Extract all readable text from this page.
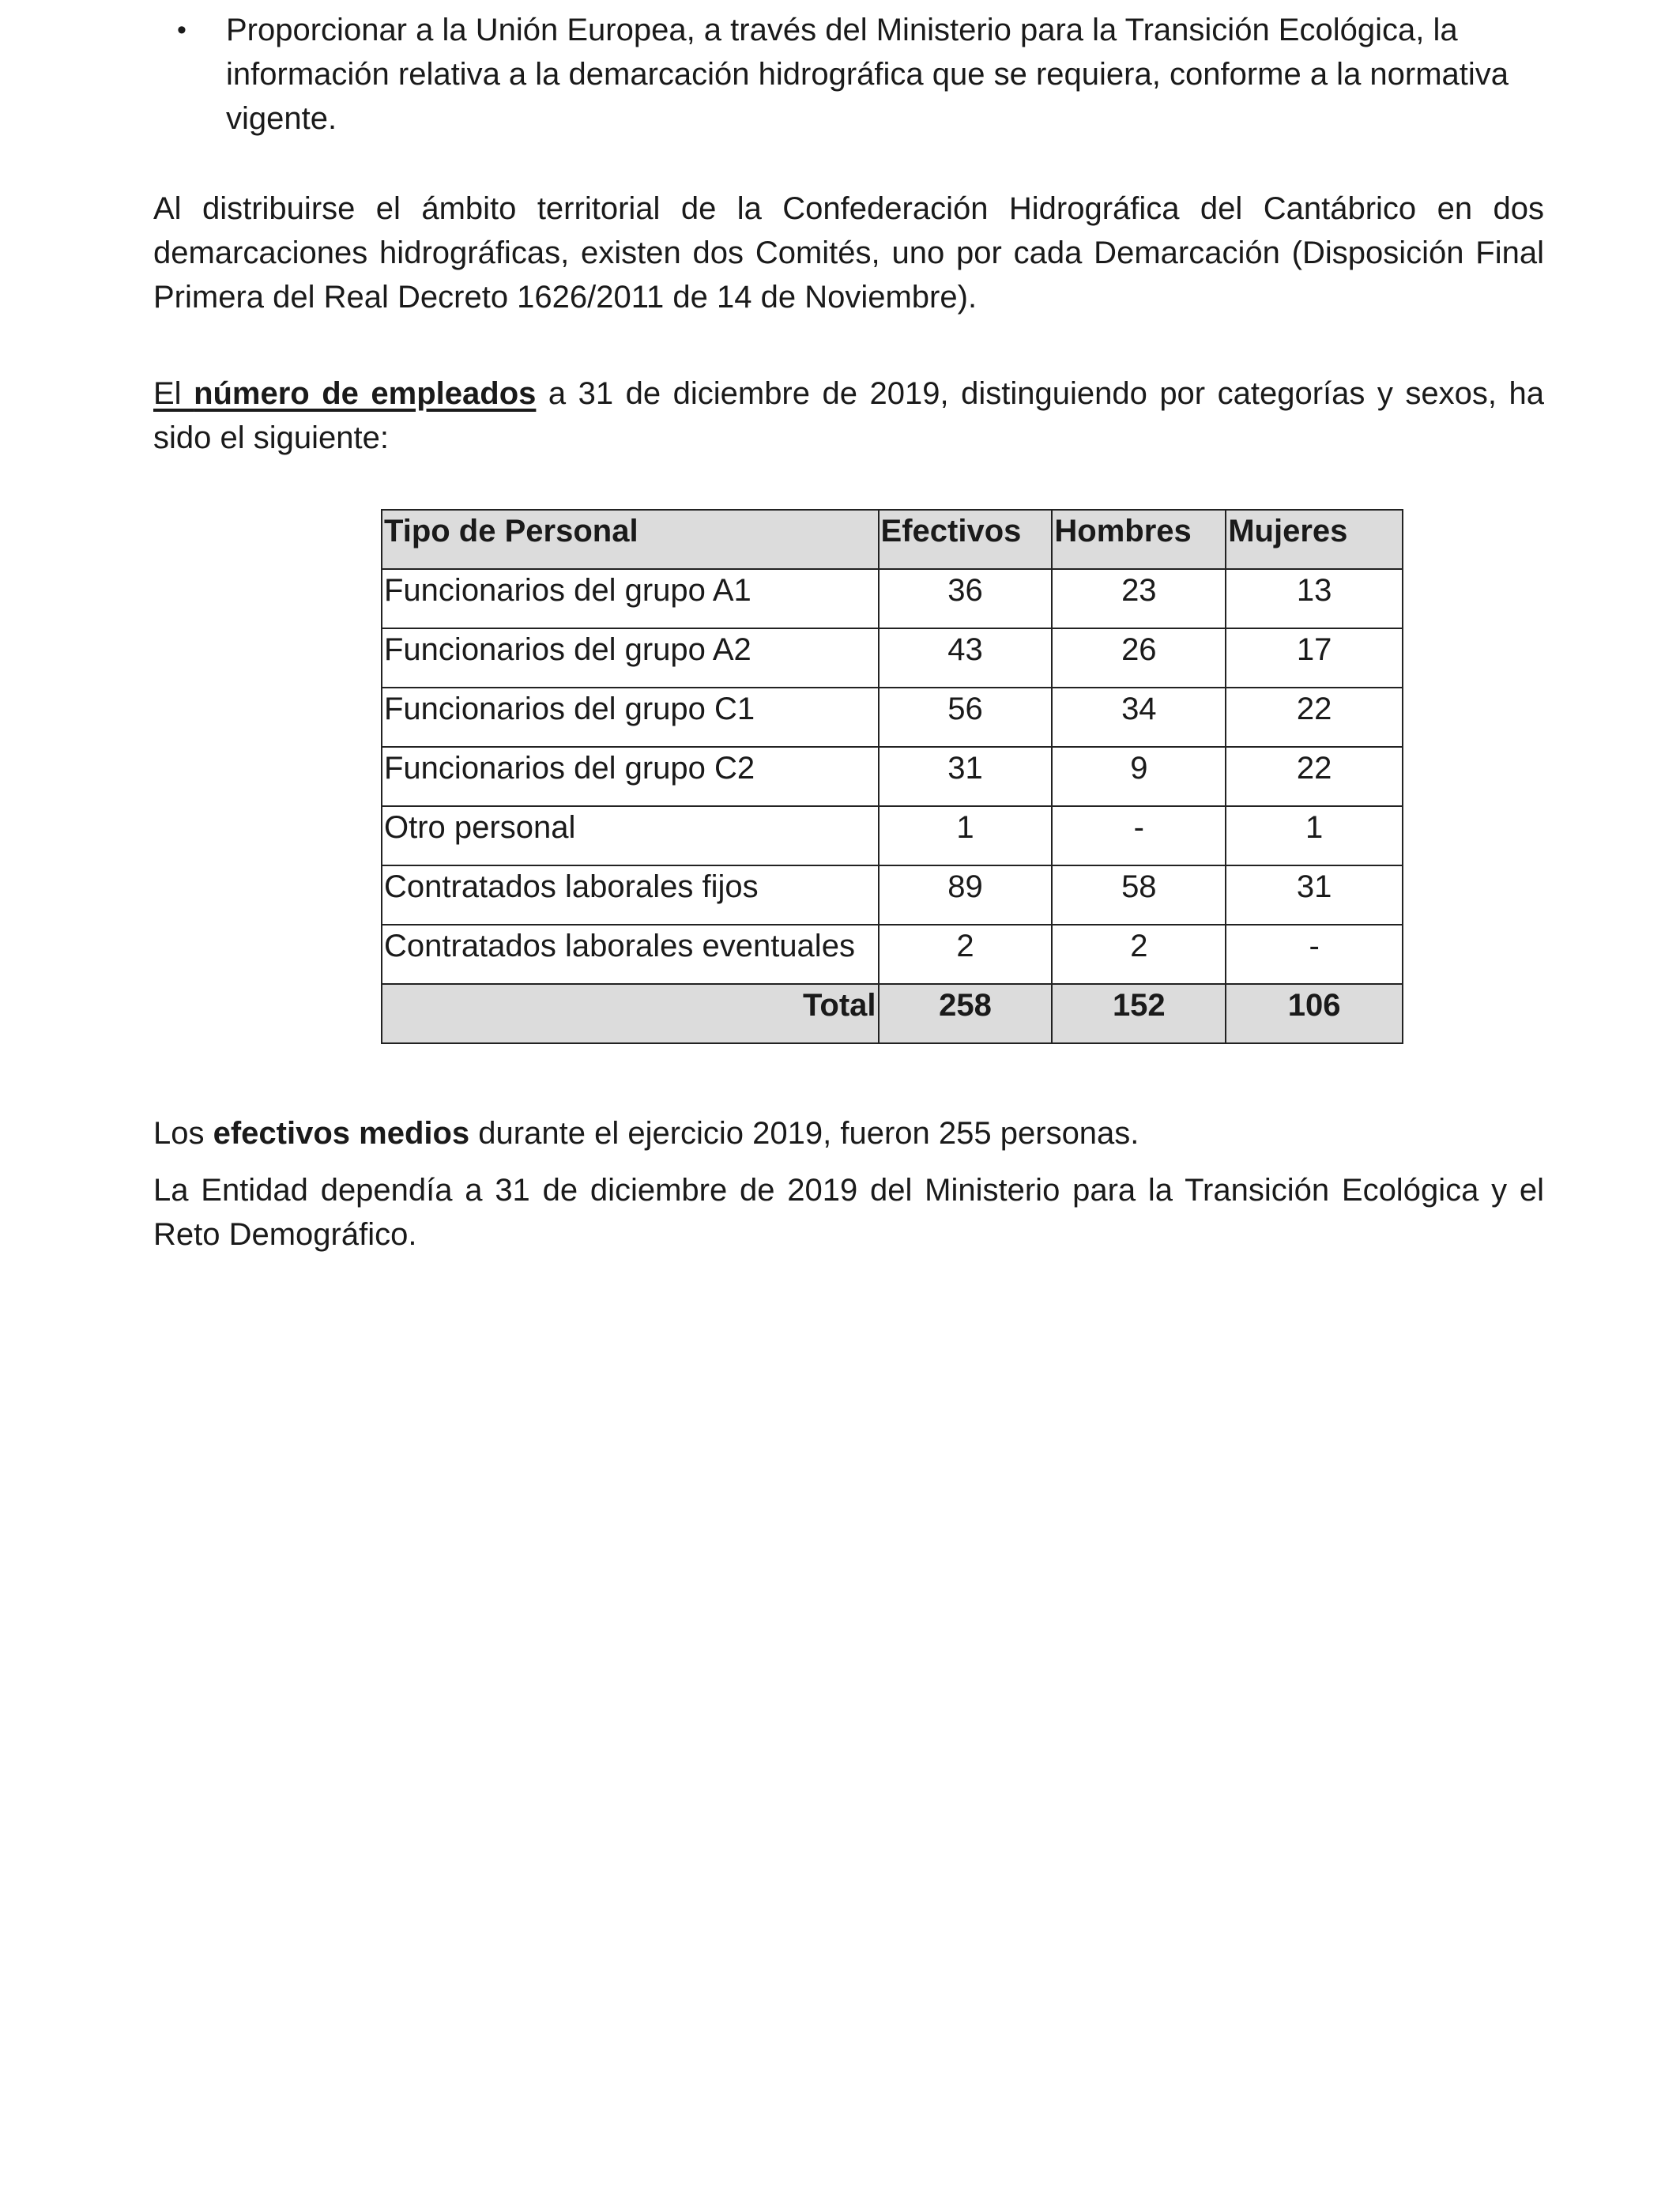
• Proporcionar a la Unión Europea, a través del Ministerio para la Transición Ecológica, la información relativa a la demarcación hidrográfica que se requiera, conforme a la normativa vigente.
Al distribuirse el ámbito territorial de la Confederación Hidrográfica del Cantábrico en dos demarcaciones hidrográficas, existen dos Comités, uno por cada Demarcación (Disposición Final Primera del Real Decreto 1626/2011 de 14 de Noviembre).
El número de empleados a 31 de diciembre de 2019, distinguiendo por categorías y sexos, ha sido el siguiente:
Tipo de Personal	Efectivos	Hombres	Mujeres
Funcionarios del grupo A1	36	23	13
Funcionarios del grupo A2	43	26	17
Funcionarios del grupo C1	56	34	22
Funcionarios del grupo C2	31	9	22
Otro personal	1	-	1
Contratados laborales fijos	89	58	31
Contratados laborales eventuales	2	2	-
Total	258	152	106
Los efectivos medios durante el ejercicio 2019, fueron 255 personas.
La Entidad dependía a 31 de diciembre de 2019 del Ministerio para la Transición Ecológica y el Reto Demográfico.
